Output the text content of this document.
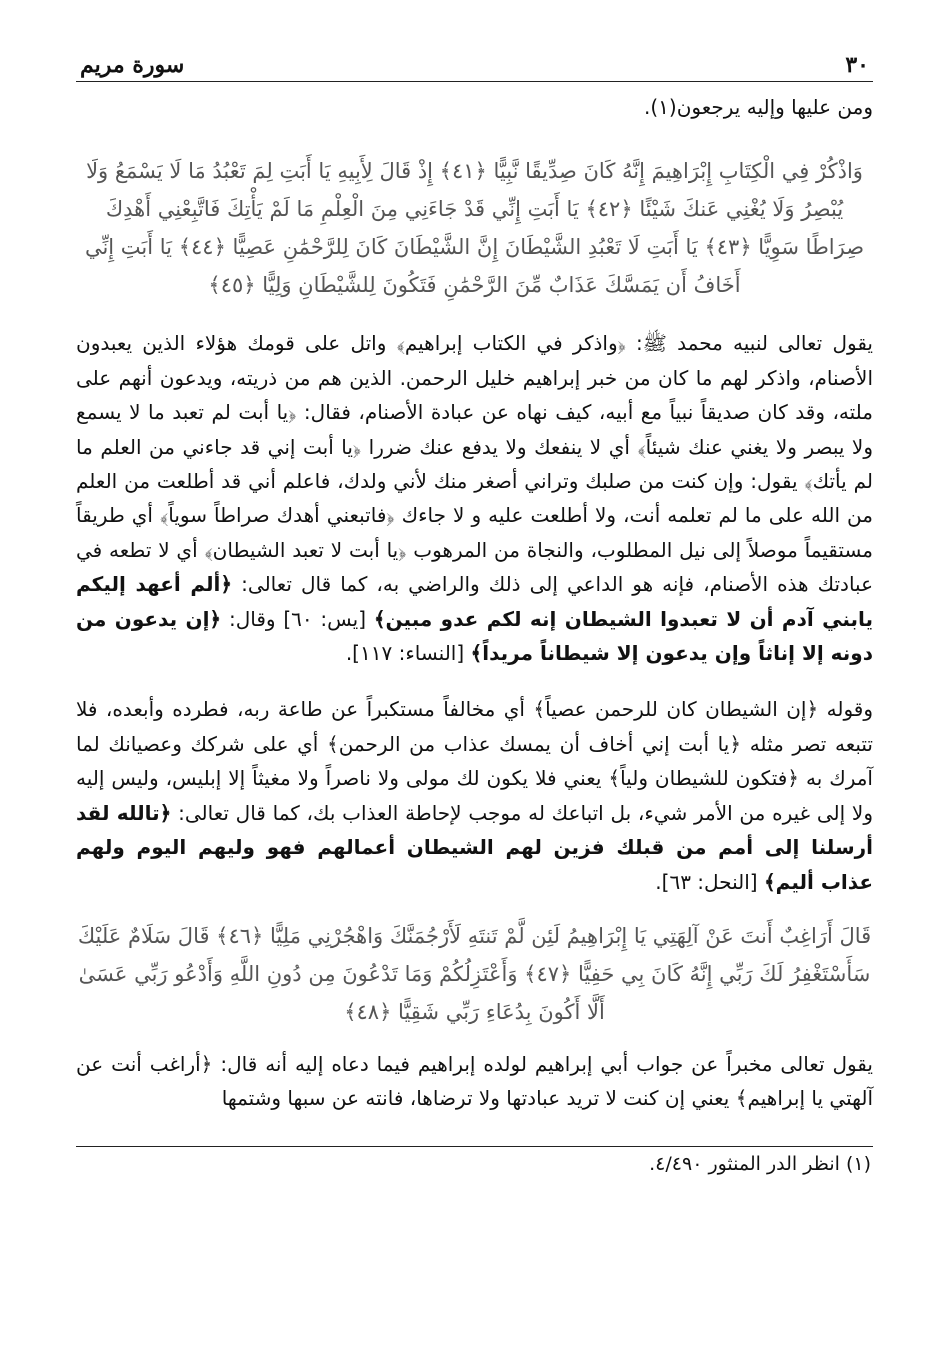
سورة مريم	٣٠

ومن عليها وإليه يرجعون(١).

وَاذْكُرْ فِي الْكِتَابِ إِبْرَاهِيمَ إِنَّهُ كَانَ صِدِّيقًا نَّبِيًّا ﴿٤١﴾ إِذْ قَالَ لِأَبِيهِ يَا أَبَتِ لِمَ تَعْبُدُ مَا لَا يَسْمَعُ وَلَا يُبْصِرُ وَلَا يُغْنِي عَنكَ شَيْئًا ﴿٤٢﴾ يَا أَبَتِ إِنِّي قَدْ جَاءَنِي مِنَ الْعِلْمِ مَا لَمْ يَأْتِكَ فَاتَّبِعْنِي أَهْدِكَ صِرَاطًا سَوِيًّا ﴿٤٣﴾ يَا أَبَتِ لَا تَعْبُدِ الشَّيْطَانَ إِنَّ الشَّيْطَانَ كَانَ لِلرَّحْمَٰنِ عَصِيًّا ﴿٤٤﴾ يَا أَبَتِ إِنِّي أَخَافُ أَن يَمَسَّكَ عَذَابٌ مِّنَ الرَّحْمَٰنِ فَتَكُونَ لِلشَّيْطَانِ وَلِيًّا ﴿٤٥﴾

يقول تعالى لنبيه محمد ﷺ: ﴿واذكر في الكتاب إبراهيم﴾ واتل على قومك هؤلاء الذين يعبدون الأصنام، واذكر لهم ما كان من خبر إبراهيم خليل الرحمن. الذين هم من ذريته، ويدعون أنهم على ملته، وقد كان صديقاً نبياً مع أبيه، كيف نهاه عن عبادة الأصنام، فقال: ﴿يا أبت لم تعبد ما لا يسمع ولا يبصر ولا يغني عنك شيئاً﴾ أي لا ينفعك ولا يدفع عنك ضررا ﴿يا أبت إني قد جاءني من العلم ما لم يأتك﴾ يقول: وإن كنت من صلبك وتراني أصغر منك لأني ولدك، فاعلم أني قد أطلعت من العلم من الله على ما لم تعلمه أنت، ولا أطلعت عليه و لا جاءك ﴿فاتبعني أهدك صراطاً سوياً﴾ أي طريقاً مستقيماً موصلاً إلى نيل المطلوب، والنجاة من المرهوب ﴿يا أبت لا تعبد الشيطان﴾ أي لا تطعه في عبادتك هذه الأصنام، فإنه هو الداعي إلى ذلك والراضي به، كما قال تعالى: ﴿ألم أعهد إليكم يابني آدم أن لا تعبدوا الشيطان إنه لكم عدو مبين﴾ [يس: ٦٠] وقال: ﴿إن يدعون من دونه إلا إناثاً وإن يدعون إلا شيطاناً مريداً﴾ [النساء: ١١٧].

وقوله ﴿إن الشيطان كان للرحمن عصياً﴾ أي مخالفاً مستكبراً عن طاعة ربه، فطرده وأبعده، فلا تتبعه تصر مثله ﴿يا أبت إني أخاف أن يمسك عذاب من الرحمن﴾ أي على شركك وعصيانك لما آمرك به ﴿فتكون للشيطان ولياً﴾ يعني فلا يكون لك مولى ولا ناصراً ولا مغيثاً إلا إبليس، وليس إليه ولا إلى غيره من الأمر شيء، بل اتباعك له موجب لإحاطة العذاب بك، كما قال تعالى: ﴿تالله لقد أرسلنا إلى أمم من قبلك فزين لهم الشيطان أعمالهم فهو وليهم اليوم ولهم عذاب أليم﴾ [النحل: ٦٣].

قَالَ أَرَاغِبٌ أَنتَ عَنْ آلِهَتِي يَا إِبْرَاهِيمُ لَئِن لَّمْ تَنتَهِ لَأَرْجُمَنَّكَ وَاهْجُرْنِي مَلِيًّا ﴿٤٦﴾ قَالَ سَلَامٌ عَلَيْكَ سَأَسْتَغْفِرُ لَكَ رَبِّي إِنَّهُ كَانَ بِي حَفِيًّا ﴿٤٧﴾ وَأَعْتَزِلُكُمْ وَمَا تَدْعُونَ مِن دُونِ اللَّهِ وَأَدْعُو رَبِّي عَسَىٰ أَلَّا أَكُونَ بِدُعَاءِ رَبِّي شَقِيًّا ﴿٤٨﴾

يقول تعالى مخبراً عن جواب أبي إبراهيم لولده إبراهيم فيما دعاه إليه أنه قال: ﴿أراغب أنت عن آلهتي يا إبراهيم﴾ يعني إن كنت لا تريد عبادتها ولا ترضاها، فانته عن سبها وشتمها

(١) انظر الدر المنثور ٤/٤٩٠.
